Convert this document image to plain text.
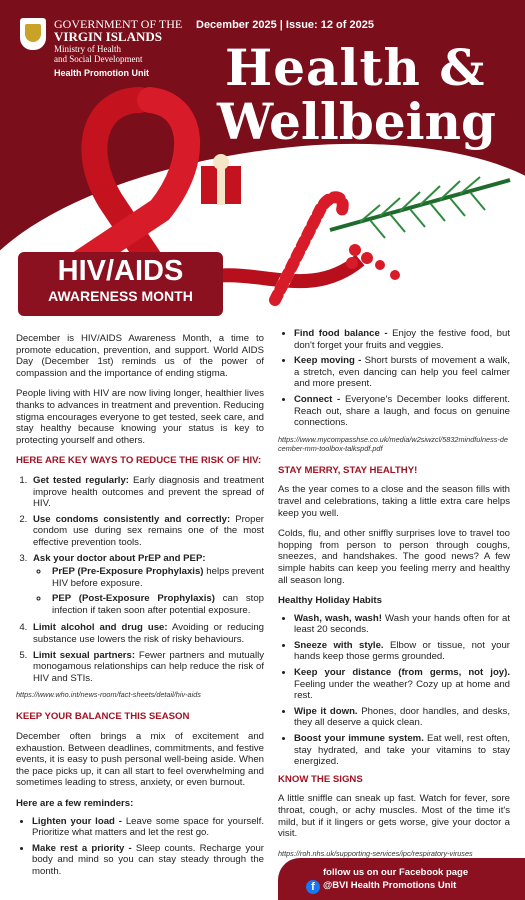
GOVERNMENT OF THE
VIRGIN ISLANDS
Ministry of Health
and Social Development
Health Promotion Unit
December 2025 | Issue: 12 of 2025
Health &
Wellbeing
NEWSLETTER
HIV/AIDS
AWARENESS MONTH

December is HIV/AIDS Awareness Month, a time to promote education, prevention, and support. World AIDS Day (December 1st) reminds us of the power of compassion and the importance of ending stigma.

People living with HIV are now living longer, healthier lives thanks to advances in treatment and prevention. Reducing stigma encourages everyone to get tested, seek care, and stay healthy because knowing your status is key to protecting yourself and others.

HERE ARE KEY WAYS TO REDUCE THE RISK OF HIV:
1. Get tested regularly: Early diagnosis and treatment improve health outcomes and prevent the spread of HIV.
2. Use condoms consistently and correctly: Proper condom use during sex remains one of the most effective prevention tools.
3. Ask your doctor about PrEP and PEP:
◦ PrEP (Pre-Exposure Prophylaxis) helps prevent HIV before exposure.
◦ PEP (Post-Exposure Prophylaxis) can stop infection if taken soon after potential exposure.
4. Limit alcohol and drug use: Avoiding or reducing substance use lowers the risk of risky behaviours.
5. Limit sexual partners: Fewer partners and mutually monogamous relationships can help reduce the risk of HIV and STIs.
https://www.who.int/news-room/fact-sheets/detail/hiv-aids
KEEP YOUR BALANCE THIS SEASON

December often brings a mix of excitement and exhaustion. Between deadlines, commitments, and festive events, it is easy to push personal well-being aside. When the pace picks up, it can all start to feel overwhelming and sometimes leading to stress, anxiety, or even burnout.

Here are a few reminders:
• Lighten your load - Leave some space for yourself. Prioritize what matters and let the rest go.
• Make rest a priority - Sleep counts. Recharge your body and mind so you can stay steady through the month.
• Find food balance - Enjoy the festive food, but don't forget your fruits and veggies.
• Keep moving - Short bursts of movement a walk, a stretch, even dancing can help you feel calmer and more present.
• Connect - Everyone's December looks different. Reach out, share a laugh, and focus on genuine connections.
https://www.mycompasshse.co.uk/media/w2siwzcl/5832mindfulness-december-mm-toolbox-talkspdf.pdf
STAY MERRY, STAY HEALTHY!

As the year comes to a close and the season fills with travel and celebrations, taking a little extra care helps keep you well.

Colds, flu, and other sniffly surprises love to travel too hopping from person to person through coughs, sneezes, and handshakes. The good news? A few simple habits can keep you feeling merry and healthy all season long.

Healthy Holiday Habits
• Wash, wash, wash! Wash your hands often for at least 20 seconds.
• Sneeze with style. Elbow or tissue, not your hands keep those germs grounded.
• Keep your distance (from germs, not joy). Feeling under the weather? Cozy up at home and rest.
• Wipe it down. Phones, door handles, and desks, they all deserve a quick clean.
• Boost your immune system. Eat well, rest often, stay hydrated, and take your vitamins to stay energized.
KNOW THE SIGNS

A little sniffle can sneak up fast. Watch for fever, sore throat, cough, or achy muscles. Most of the time it's mild, but if it lingers or gets worse, give your doctor a visit.

https://roh.nhs.uk/supporting-services/ipc/respiratory-viruses
follow us on our Facebook page
f @BVI Health Promotions Unit
